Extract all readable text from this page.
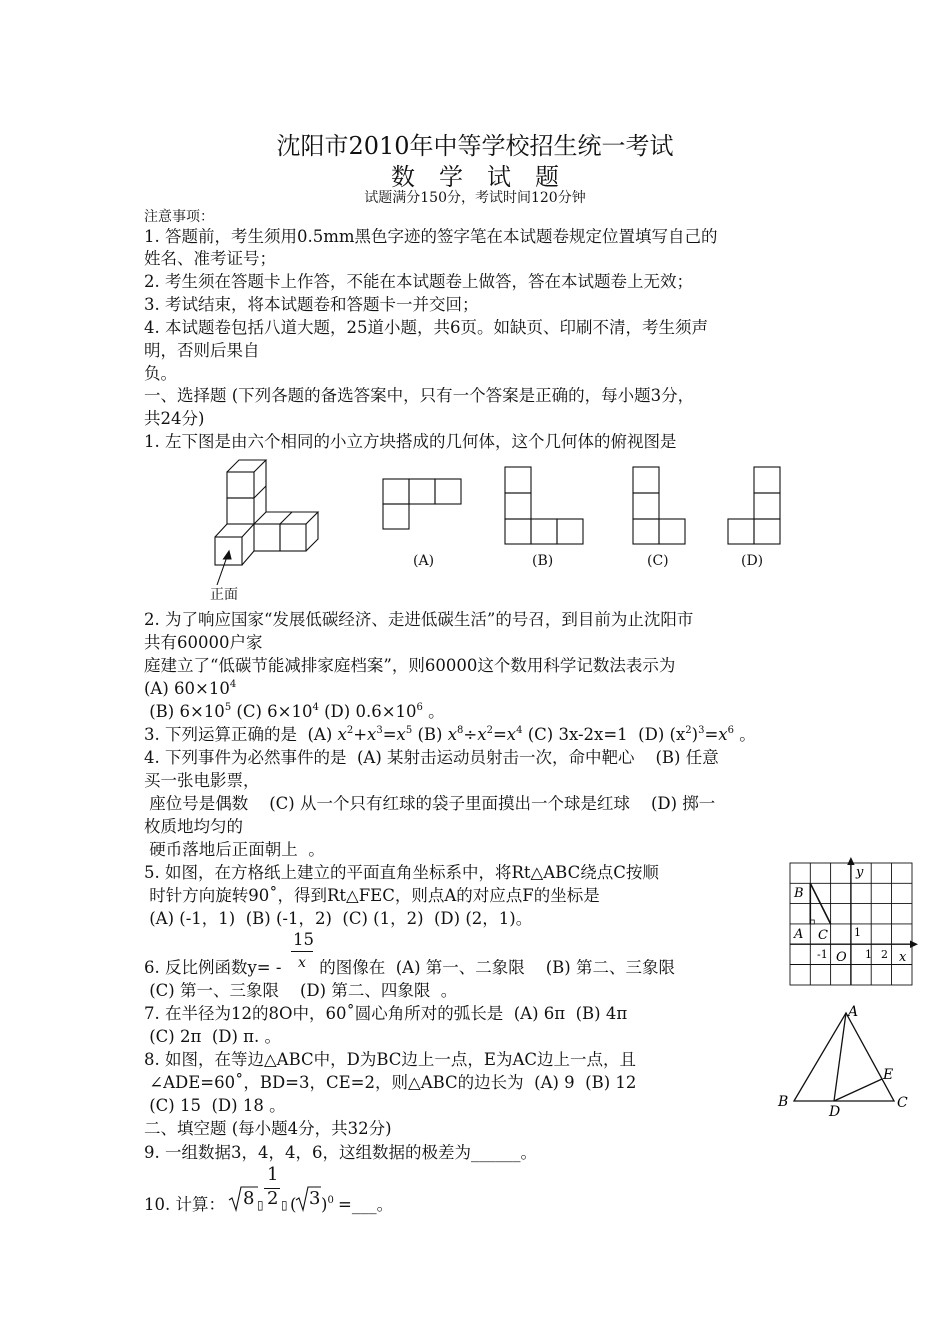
沈阳市2010年中等学校招生统一考试
数　学　试　题
试题满分150分，考试时间120分钟
注意事项：
1. 答题前，考生须用0.5mm黑色字迹的签字笔在本试题卷规定位置填写自己的
姓名、准考证号；
2. 考生须在答题卡上作答，不能在本试题卷上做答，答在本试题卷上无效；
3. 考试结束，将本试题卷和答题卡一并交回；
4. 本试题卷包括八道大题，25道小题，共6页。如缺页、印刷不清，考生须声
明，否则后果自
负。
一、选择题 (下列各题的备选答案中，只有一个答案是正确的，每小题3分，
共24分)
1. 左下图是由六个相同的小立方块搭成的几何体，这个几何体的俯视图是
正面
(A)	(B)	(C)	(D)
2. 为了响应国家“发展低碳经济、走进低碳生活”的号召，到目前为止沈阳市
共有60000户家
庭建立了“低碳节能减排家庭档案”，则60000这个数用科学记数法表示为
(A) $60\times 10^4$
(B) $6\times 10^5$ (C) $6\times 10^4$ (D) $0.6\times 10^6$ 。
3. 下列运算正确的是  (A) $x^2+x^3=x^5$ (B) $x^8\div x^2=x^4$ (C) 3x-2x=1  (D) $(x^2)^3=x^6$ 。
4. 下列事件为必然事件的是  (A) 某射击运动员射击一次，命中靶心    (B) 任意
买一张电影票，
座位号是偶数    (C) 从一个只有红球的袋子里面摸出一个球是红球    (D) 掷一
枚质地均匀的
硬币落地后正面朝上  。
5. 如图，在方格纸上建立的平面直角坐标系中，将Rt△ABC绕点C按顺
时针方向旋转90˚，得到Rt△FEC，则点A的对应点F的坐标是
(A) (-1，1)  (B) (-1，2)  (C) (1，2)  (D) (2，1)。
B
A C
O	x
y
1
-1	1 2
15
x
6. 反比例函数y= - 的图像在  (A) 第一、二象限    (B) 第二、三象限
(C) 第一、三象限    (D) 第二、四象限  。
7. 在半径为12的8O中，60˚圆心角所对的弧长是  (A) 6π  (B) 4π
(C) 2π  (D) π. 。
8. 如图，在等边△ABC中，D为BC边上一点，E为AC边上一点，且
∠ADE=60˚，BD=3，CE=2，则△ABC的边长为  (A) 9  (B) 12
(C) 15  (D) 18 。
A
B	C
D
E
二、填空题 (每小题4分，共32分)
9. 一组数据3，4，4，6，这组数据的极差为______。
10. 计算： 8 ▯
1
2 ▯ ( 3 )$^0$ =___。
